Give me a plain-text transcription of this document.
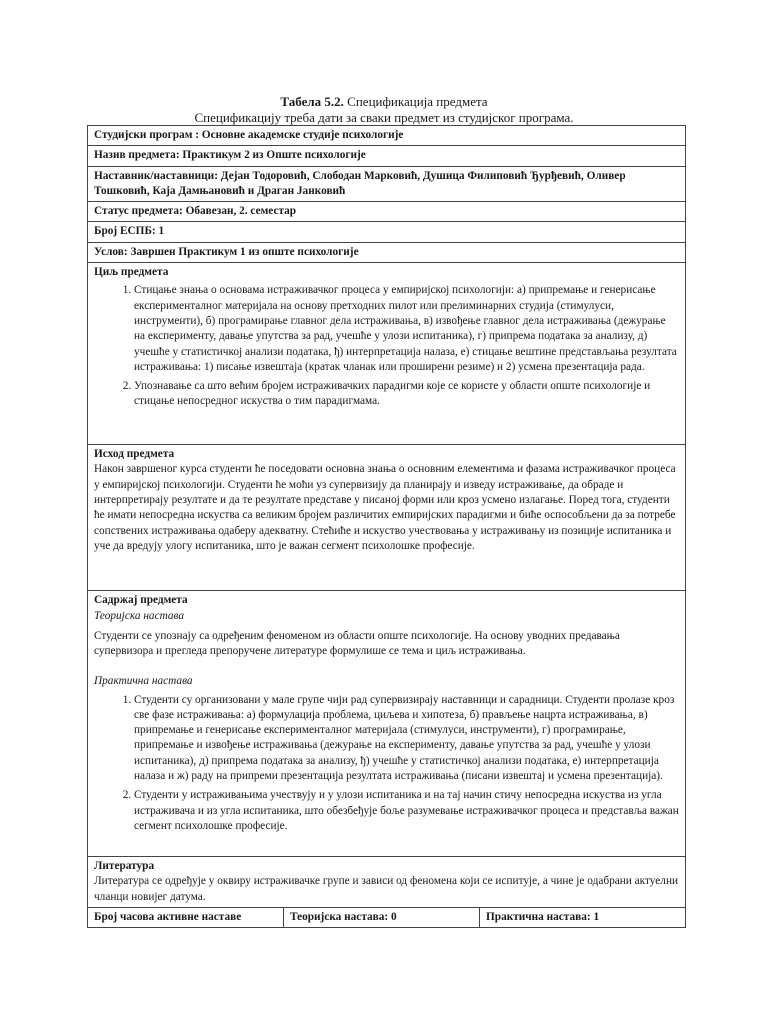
Табела 5.2. Спецификација предмета
Спецификацију треба дати за сваки предмет из студијског програма.
Студијски програм : Основне академске студије психологије
Назив предмета: Практикум 2 из Опште психологије
Наставник/наставници: Дејан Тодоровић, Слободан Марковић, Душица Филиповић Ђурђевић, Оливер Тошковић, Каја Дамњановић и Драган Јанковић
Статус предмета: Обавезан, 2. семестар
Број ЕСПБ: 1
Услов: Завршен Практикум 1 из опште психологије

Циљ предмета
1. Стицање знања о основама истраживачког процеса у емпиријској психологији: а) припремање и генерисање експерименталног материјала на основу претходних пилот или прелиминарних студија (стимулуси, инструменти), б) програмирање главног дела истраживања, в) извођење главног дела истраживања (дежурање на експерименту, давање упутства за рад, учешће у улози испитаника), г) припрема података за анализу, д) учешће у статистичкој анализи података, ђ) интерпретација налаза, е) стицање вештине представљања резултата истраживања: 1) писање извештаја (кратак чланак или проширени резиме) и 2) усмена презентација рада.
2. Упознавање са што већим бројем истраживачких парадигми које се користе у области опште психологије и стицање непосредног искуства о тим парадигмама.

Исход предмета

Након завршеног курса студенти ће поседовати основна знања о основним елементима и фазама истраживачког процеса у емпиријској психологији. Студенти ће моћи уз супервизију да планирају и изведу истраживање, да обраде и интерпретирају резултате и да те резултате представе у писаној форми или кроз усмено излагање. Поред тога, студенти ће имати непосредна искуства са великим бројем различитих емпиријских парадигми и биће оспособљени да за потребе сопствених истраживања одаберу адекватну. Стећиће и искуство учествовања у истраживању из позиције испитаника и уче да вредују улогу испитаника, што је важан сегмент психолошке професије.

Садржај предмета
Теоријска настава

Студенти се упознају са одређеним феноменом из области опште психологије. На основу уводних предавања супервизора и прегледа препоручене литературе формулише се тема и циљ истраживања.

Практична настава
1. Студенти су организовани у мале групе чији рад супервизирају наставници и сарадници. Студенти пролазе кроз све фазе истраживања: а) формулација проблема, циљева и хипотеза, б) прављење нацрта истраживања, в) припремање и генерисање експерименталног материјала (стимулуси, инструменти), г) програмирање, припремање и извођење истраживања (дежурање на експерименту, давање упутства за рад, учешће у улози испитаника), д) припрема података за анализу, ђ) учешће у статистичкој анализи података, е) интерпретација налаза и ж) раду на припреми презентација резултата истраживања (писани извештај и усмена презентација).
2. Студенти у истраживањима учествују и у улози испитаника и на тај начин стичу непосредна искуства из угла истраживача и из угла испитаника, што обезбеђује боље разумевање истраживачког процеса и представља важан сегмент психолошке професије.

Литература

Литература се одређује у оквиру истраживачке групе и зависи од феномена који се испитује, а чине је одабрани актуелни чланци новијег датума.

Број часова активне наставе	Теоријска настава: 0	Практична настава: 1
